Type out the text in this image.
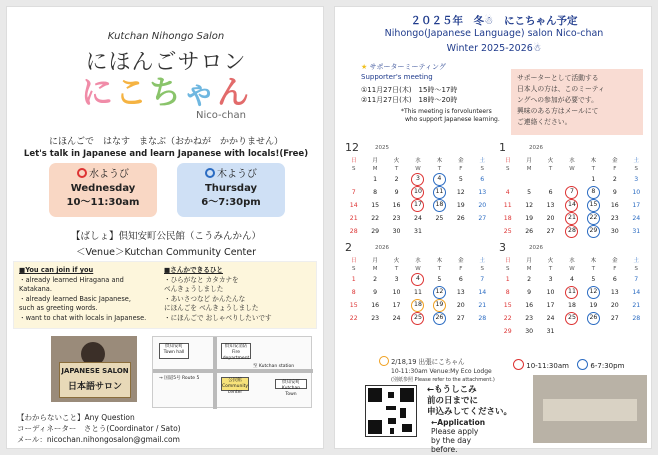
Kutchan Nihongo Salon
にほんごサロン
にこちゃん
Nico-chan
にほんごで　はなす　まなぶ（おかねが　かかりません）
Let's talk in Japanese and learn Japanese with locals!(Free)
水ようび
Wednesday
10～11:30am
木ようび
Thursday
6～7:30pm
【ばしょ】倶知安町公民館（こうみんかん）
＜Venue＞Kutchan Community Center
■You can join if you
・already learned Hiragana and
Katakana.
・already learned Basic Japanese,
such as greeting words.
・want to chat with locals in Japanese.
■さんかできるひと
・ひらがなと カタカナを
べんきょうしました
・あいさつなど かんたんな
にほんごを べんきょうしました
・にほんごで おしゃべりしたいです
JAPANESE SALON
日本語サロン
倶知安町 Town hall
倶知安消防 Fire department
公民館 Community center
至 Kutchan station
→ 国道5号 Route 5
倶知安町 Kutchan Town
【わからないこと】Any Question
コーディネーター　さとう(Coordinator / Sato)
メール：nicochan.nihongosalon@gmail.com
２０２５年　冬☃　にこちゃん予定
Nihongo(Japanese Language) salon Nico-chan
Winter 2025-2026☃
★ サポーターミーティング
Supporter's meeting
①11月27日(木)　15時～17時
②11月27日(木)　18時～20時
*This meeting is forvolunteers
who support Japanese learning.
サポーターとして活動する
日本人の方は、このミーティ
ングへの参加が必要です。
興味のある方はメールにて
ご連絡ください。
12	2025
日	月	火	水	木	金	土
S	M	T	W	T	F	S
	1	2	3	4	5	6
7	8	9	10	11	12	13
14	15	16	17	18	19	20
21	22	23	24	25	26	27
28	29	30	31			
1	2026
日	月	火	水	木	金	土
S	M	T	W	T	F	S
				1	2	3
4	5	6	7	8	9	10
11	12	13	14	15	16	17
18	19	20	21	22	23	24
25	26	27	28	29	30	31
2	2026
日	月	火	水	木	金	土
S	M	T	W	T	F	S
1	2	3	4	5	6	7
8	9	10	11	12	13	14
15	16	17	18	19	20	21
22	23	24	25	26	27	28
3	2026
日	月	火	水	木	金	土
S	M	T	W	T	F	S
1	2	3	4	5	6	7
8	9	10	11	12	13	14
15	16	17	18	19	20	21
22	23	24	25	26	27	28
29	30	31				
2/18,19 出張にこちゃん
10-11:30am Venue:My Eco Lodge
(別紙参照 Please refer to the attachment.)
10-11:30am	6-7:30pm
←もうしこみ
前の日までに
申込みしてください。
←Application
Please apply
by the day
before.
